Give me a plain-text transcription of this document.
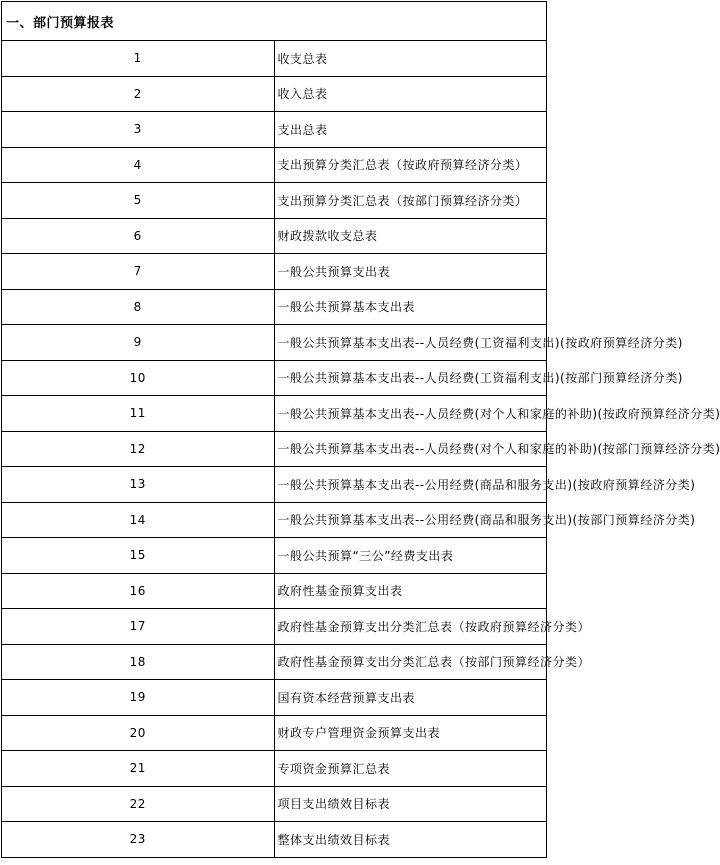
一、部门预算报表	
1	收支总表
2	收入总表
3	支出总表
4	支出预算分类汇总表（按政府预算经济分类）
5	支出预算分类汇总表（按部门预算经济分类）
6	财政拨款收支总表
7	一般公共预算支出表
8	一般公共预算基本支出表
9	一般公共预算基本支出表--人员经费(工资福利支出)(按政府预算经济分类)
10	一般公共预算基本支出表--人员经费(工资福利支出)(按部门预算经济分类)
11	一般公共预算基本支出表--人员经费(对个人和家庭的补助)(按政府预算经济分类)
12	一般公共预算基本支出表--人员经费(对个人和家庭的补助)(按部门预算经济分类)
13	一般公共预算基本支出表--公用经费(商品和服务支出)(按政府预算经济分类)
14	一般公共预算基本支出表--公用经费(商品和服务支出)(按部门预算经济分类)
15	一般公共预算“三公”经费支出表
16	政府性基金预算支出表
17	政府性基金预算支出分类汇总表（按政府预算经济分类）
18	政府性基金预算支出分类汇总表（按部门预算经济分类）
19	国有资本经营预算支出表
20	财政专户管理资金预算支出表
21	专项资金预算汇总表
22	项目支出绩效目标表
23	整体支出绩效目标表
